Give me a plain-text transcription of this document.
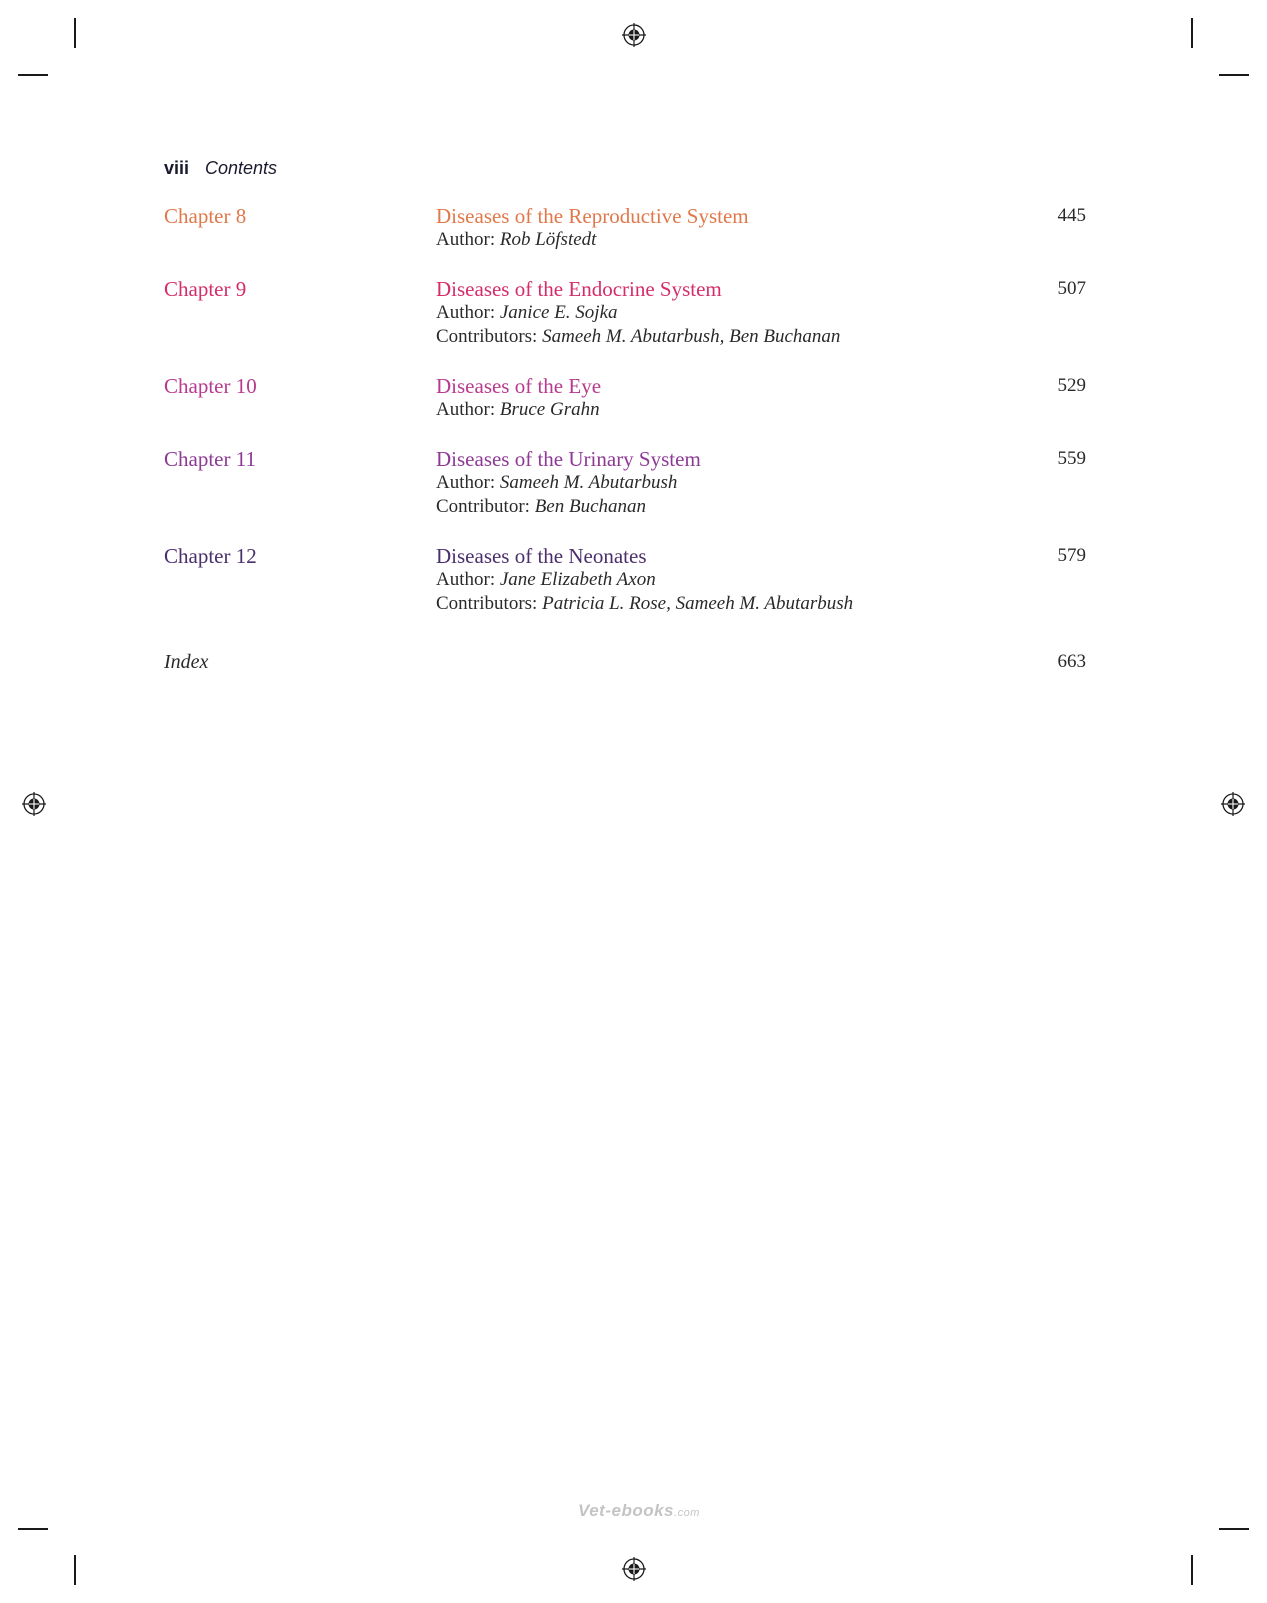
viii Contents
Chapter 8	Diseases of the Reproductive System
Author: Rob Löfstedt
445
Chapter 9	Diseases of the Endocrine System
Author: Janice E. Sojka
Contributors: Sameeh M. Abutarbush, Ben Buchanan
507
Chapter 10	Diseases of the Eye
Author: Bruce Grahn
529
Chapter 11	Diseases of the Urinary System
Author: Sameeh M. Abutarbush
Contributor: Ben Buchanan
559
Chapter 12	Diseases of the Neonates
Author: Jane Elizabeth Axon
Contributors: Patricia L. Rose, Sameeh M. Abutarbush
579
Index	663
Vet-ebooks.com
